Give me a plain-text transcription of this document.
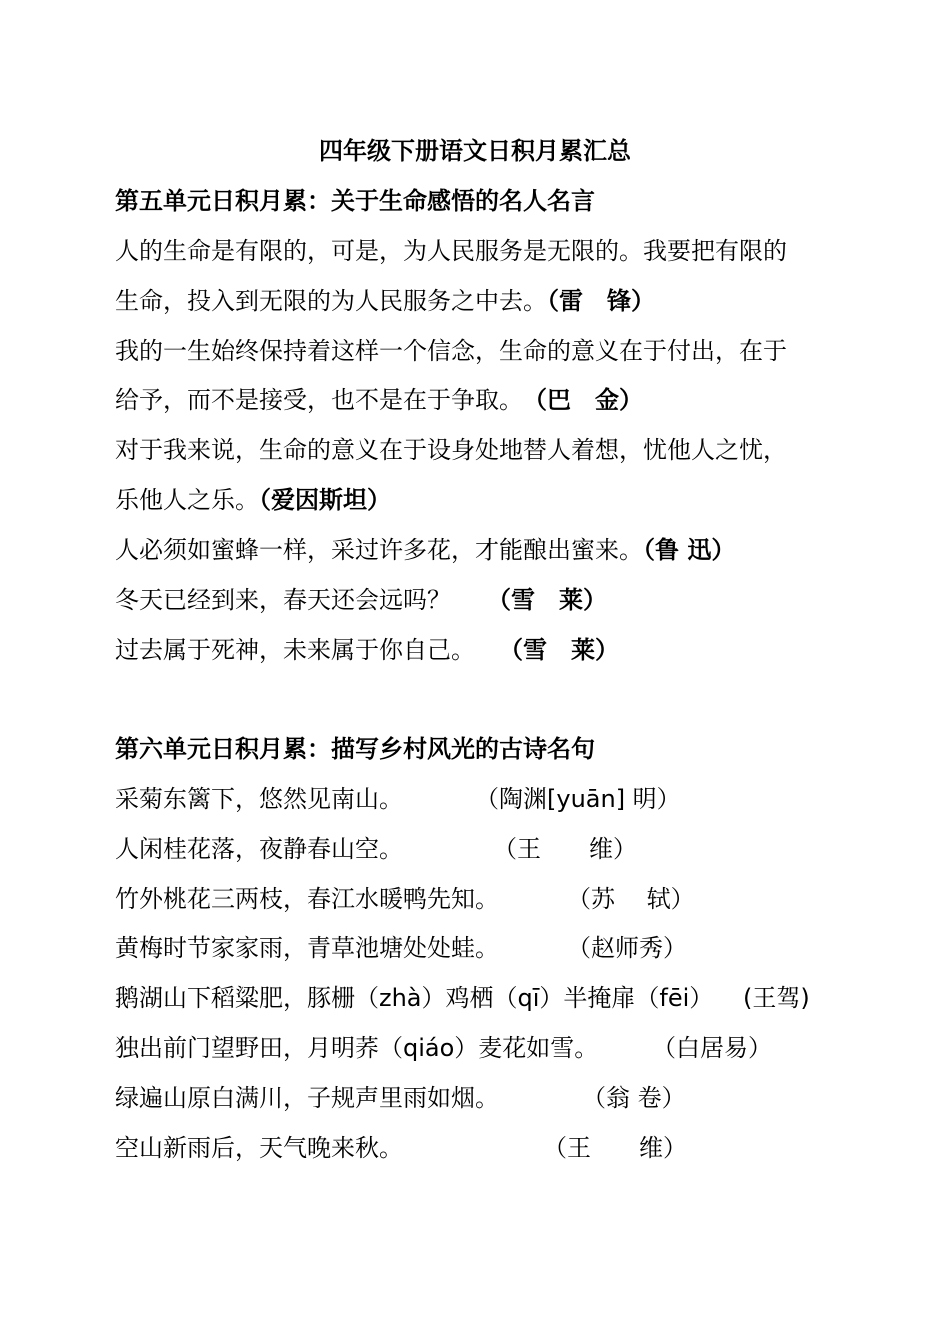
四年级下册语文日积月累汇总
第五单元日积月累：关于生命感悟的名人名言
人的生命是有限的，可是，为人民服务是无限的。我要把有限的
生命，投入到无限的为人民服务之中去。（雷　锋）
我的一生始终保持着这样一个信念，生命的意义在于付出，在于
给予，而不是接受，也不是在于争取。　（巴　金）
对于我来说，生命的意义在于设身处地替人着想，忧他人之忧，
乐他人之乐。（爱因斯坦）
人必须如蜜蜂一样，采过许多花，才能酿出蜜来。（鲁 迅）
冬天已经到来，春天还会远吗？　　（雪　莱）
过去属于死神，未来属于你自己。 （雪　莱）
第六单元日积月累：描写乡村风光的古诗名句
采菊东篱下，悠然见南山。	（陶渊[yuān] 明）
人闲桂花落，夜静春山空。	（王　　维）
竹外桃花三两枝，春江水暖鸭先知。	（苏　 轼）
黄梅时节家家雨，青草池塘处处蛙。	（赵师秀）
鹅湖山下稻粱肥，豚栅（zhà）鸡栖（qī）半掩扉（fēi） (王驾)
独出前门望野田，月明荞（qiáo）麦花如雪。 （白居易）
绿遍山原白满川，子规声里雨如烟。	（翁 卷）
空山新雨后，天气晚来秋。	（王　　维）
